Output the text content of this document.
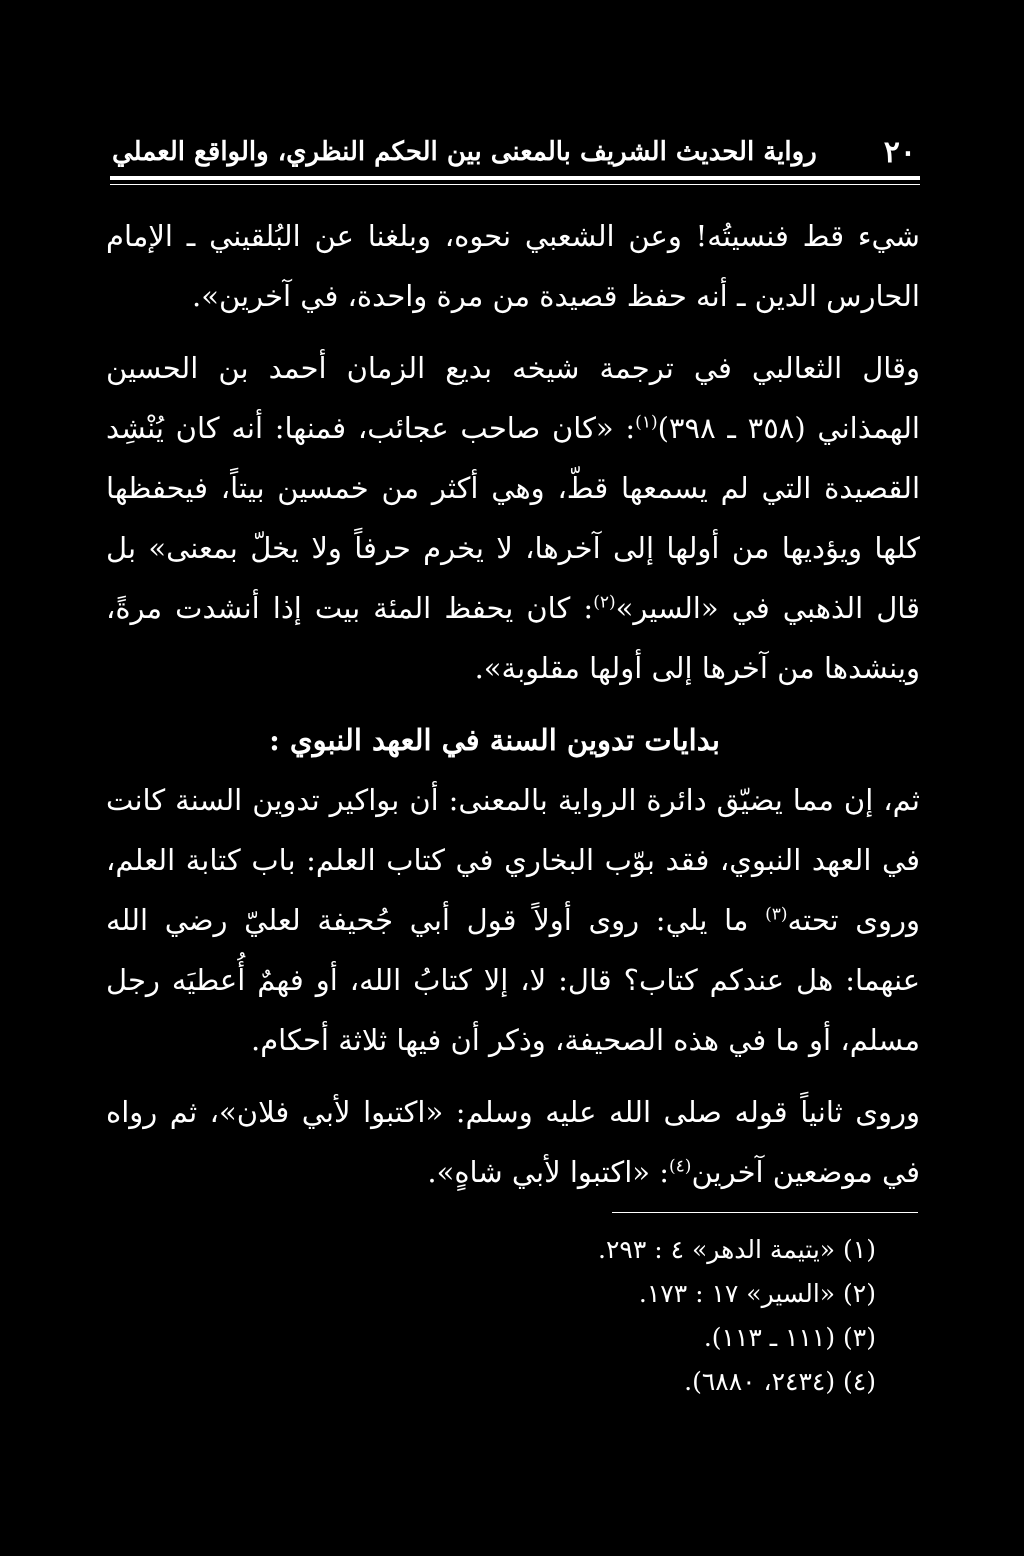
٢٠
رواية الحديث الشريف بالمعنى بين الحكم النظري، والواقع العملي

شيء قط فنسيتُه! وعن الشعبي نحوه، وبلغنا عن البُلقيني ـ الإمام الحارس الدين ـ أنه حفظ قصيدة من مرة واحدة، في آخرين».

وقال الثعالبي في ترجمة شيخه بديع الزمان أحمد بن الحسين الهمذاني (٣٥٨ ـ ٣٩٨)$^{(١)}$: «كان صاحب عجائب، فمنها: أنه كان يُنْشِد القصيدة التي لم يسمعها قطّ، وهي أكثر من خمسين بيتاً، فيحفظها كلها ويؤديها من أولها إلى آخرها، لا يخرم حرفاً ولا يخلّ بمعنى» بل قال الذهبي في «السير»$^{(٢)}$: كان يحفظ المئة بيت إذا أنشدت مرةً، وينشدها من آخرها إلى أولها مقلوبة».

بدايات تدوين السنة في العهد النبوي :

ثم، إن مما يضيّق دائرة الرواية بالمعنى: أن بواكير تدوين السنة كانت في العهد النبوي، فقد بوّب البخاري في كتاب العلم: باب كتابة العلم، وروى تحته$^{(٣)}$ ما يلي: روى أولاً قول أبي جُحيفة لعليّ رضي الله عنهما: هل عندكم كتاب؟ قال: لا، إلا كتابُ الله، أو فهمٌ أُعطيَه رجل مسلم، أو ما في هذه الصحيفة، وذكر أن فيها ثلاثة أحكام.

وروى ثانياً قوله صلى الله عليه وسلم: «اكتبوا لأبي فلان»، ثم رواه في موضعين آخرين$^{(٤)}$: «اكتبوا لأبي شاهٍ».

(١) «يتيمة الدهر» ٤ : ٢٩٣.
(٢) «السير» ١٧ : ١٧٣.
(٣) (١١١ ـ ١١٣).
(٤) (٢٤٣٤، ٦٨٨٠).
